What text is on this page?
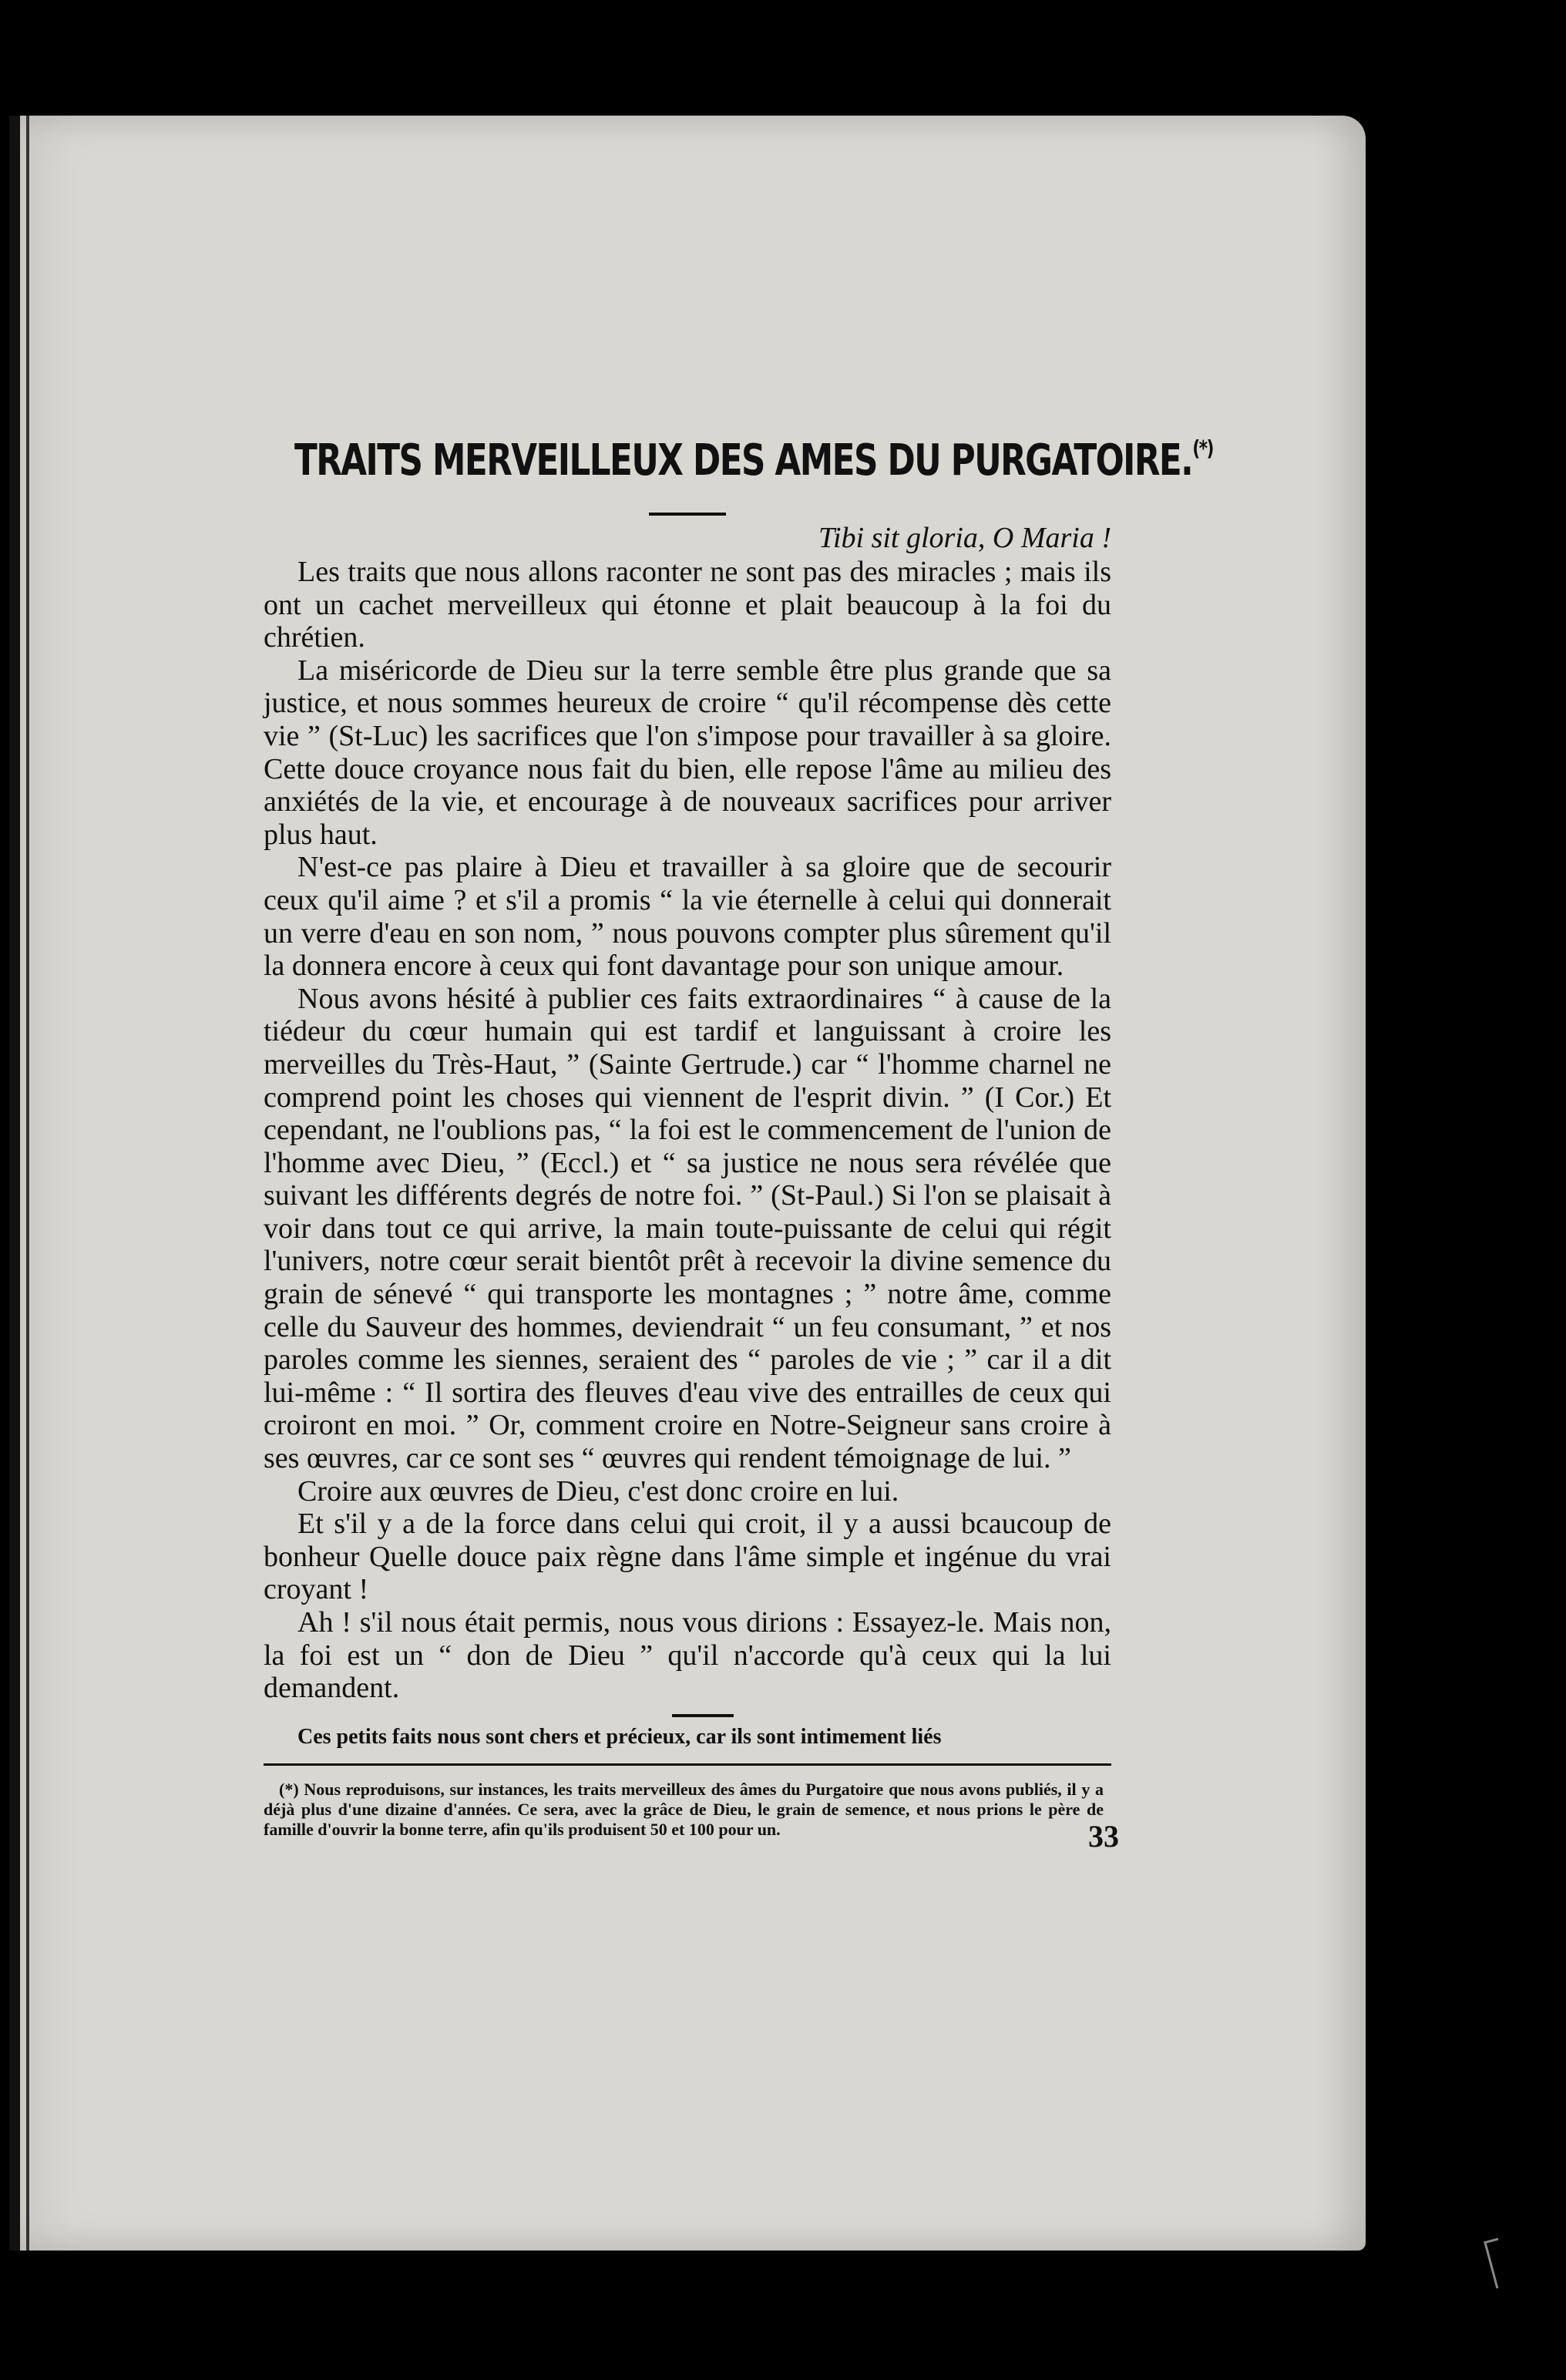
TRAITS MERVEILLEUX DES AMES DU PURGATOIRE.(*)
Tibi sit gloria, O Maria !

Les traits que nous allons raconter ne sont pas des miracles ; mais ils ont un cachet merveilleux qui étonne et plait beaucoup à la foi du chrétien.

La miséricorde de Dieu sur la terre semble être plus grande que sa justice, et nous sommes heureux de croire “ qu'il récompense dès cette vie ” (St-Luc) les sacrifices que l'on s'impose pour travailler à sa gloire. Cette douce croyance nous fait du bien, elle repose l'âme au milieu des anxiétés de la vie, et encourage à de nouveaux sacrifices pour arriver plus haut.

N'est-ce pas plaire à Dieu et travailler à sa gloire que de secourir ceux qu'il aime ? et s'il a promis “ la vie éternelle à celui qui donnerait un verre d'eau en son nom, ” nous pouvons compter plus sûrement qu'il la donnera encore à ceux qui font davantage pour son unique amour.

Nous avons hésité à publier ces faits extraordinaires “ à cause de la tiédeur du cœur humain qui est tardif et languissant à croire les merveilles du Très-Haut, ” (Sainte Gertrude.) car “ l'homme charnel ne comprend point les choses qui viennent de l'esprit divin. ” (I Cor.) Et cependant, ne l'oublions pas, “ la foi est le commencement de l'union de l'homme avec Dieu, ” (Eccl.) et “ sa justice ne nous sera révélée que suivant les différents degrés de notre foi. ” (St-Paul.) Si l'on se plaisait à voir dans tout ce qui arrive, la main toute-puissante de celui qui régit l'univers, notre cœur serait bientôt prêt à recevoir la divine semence du grain de sénevé “ qui transporte les montagnes ; ” notre âme, comme celle du Sauveur des hommes, deviendrait “ un feu consumant, ” et nos paroles comme les siennes, seraient des “ paroles de vie ; ” car il a dit lui-même : “ Il sortira des fleuves d'eau vive des entrailles de ceux qui croiront en moi. ” Or, comment croire en Notre-Seigneur sans croire à ses œuvres, car ce sont ses “ œuvres qui rendent témoignage de lui. ”

Croire aux œuvres de Dieu, c'est donc croire en lui.

Et s'il y a de la force dans celui qui croit, il y a aussi bcaucoup de bonheur Quelle douce paix règne dans l'âme simple et ingénue du vrai croyant !

Ah ! s'il nous était permis, nous vous dirions : Essayez-le. Mais non, la foi est un “ don de Dieu ” qu'il n'accorde qu'à ceux qui la lui demandent.

Ces petits faits nous sont chers et précieux, car ils sont intimement liés
(*) Nous reproduisons, sur instances, les traits merveilleux des âmes du Purgatoire que nous avons publiés, il y a déjà plus d'une dizaine d'années. Ce sera, avec la grâce de Dieu, le grain de semence, et nous prions le père de famille d'ouvrir la bonne terre, afin qu'ils produisent 50 et 100 pour un.	33
